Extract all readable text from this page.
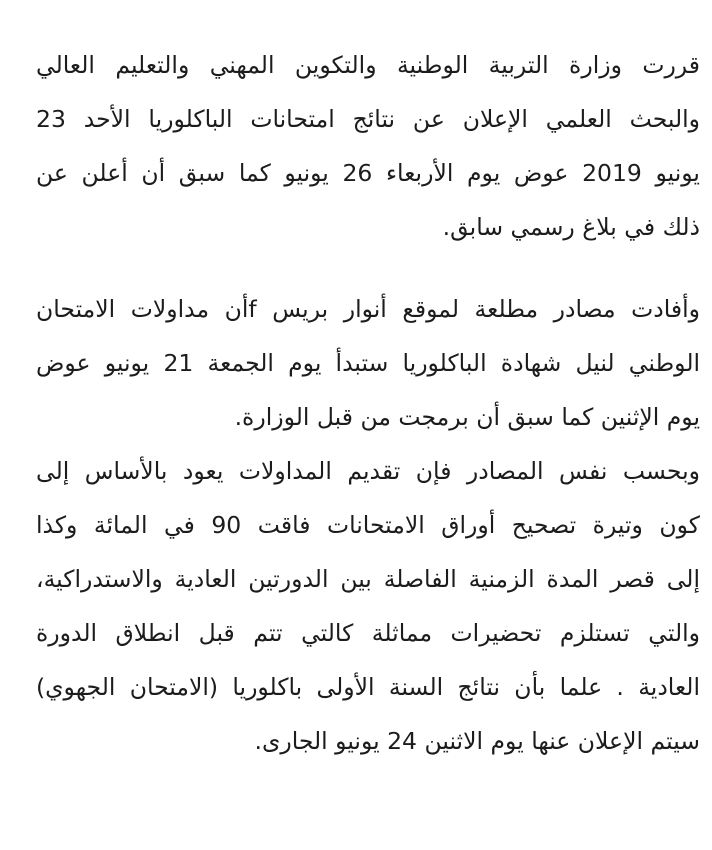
قررت وزارة التربية الوطنية والتكوين المهني والتعليم العالي
والبحث العلمي الإعلان عن نتائج امتحانات الباكلوريا الأحد 23
يونيو 2019 عوض يوم الأربعاء 26 يونيو كما سبق أن أعلن عن
ذلك في بلاغ رسمي سابق.
وأفادت مصادر مطلعة لموقع أنوار بريس fأن مداولات الامتحان
الوطني لنيل شهادة الباكلوريا ستبدأ يوم الجمعة 21 يونيو عوض
يوم الإثنين كما سبق أن برمجت من قبل الوزارة.
وبحسب نفس المصادر فإن تقديم المداولات يعود بالأساس إلى
كون وتيرة تصحيح أوراق الامتحانات فاقت 90 في المائة وكذا
إلى قصر المدة الزمنية الفاصلة بين الدورتين العادية والاستدراكية،
والتي تستلزم تحضيرات مماثلة كالتي تتم قبل انطلاق الدورة
العادية . علما بأن نتائج السنة الأولى باكلوريا (الامتحان الجهوي)
سيتم الإعلان عنها يوم الاثنين 24 يونيو الجارى.
